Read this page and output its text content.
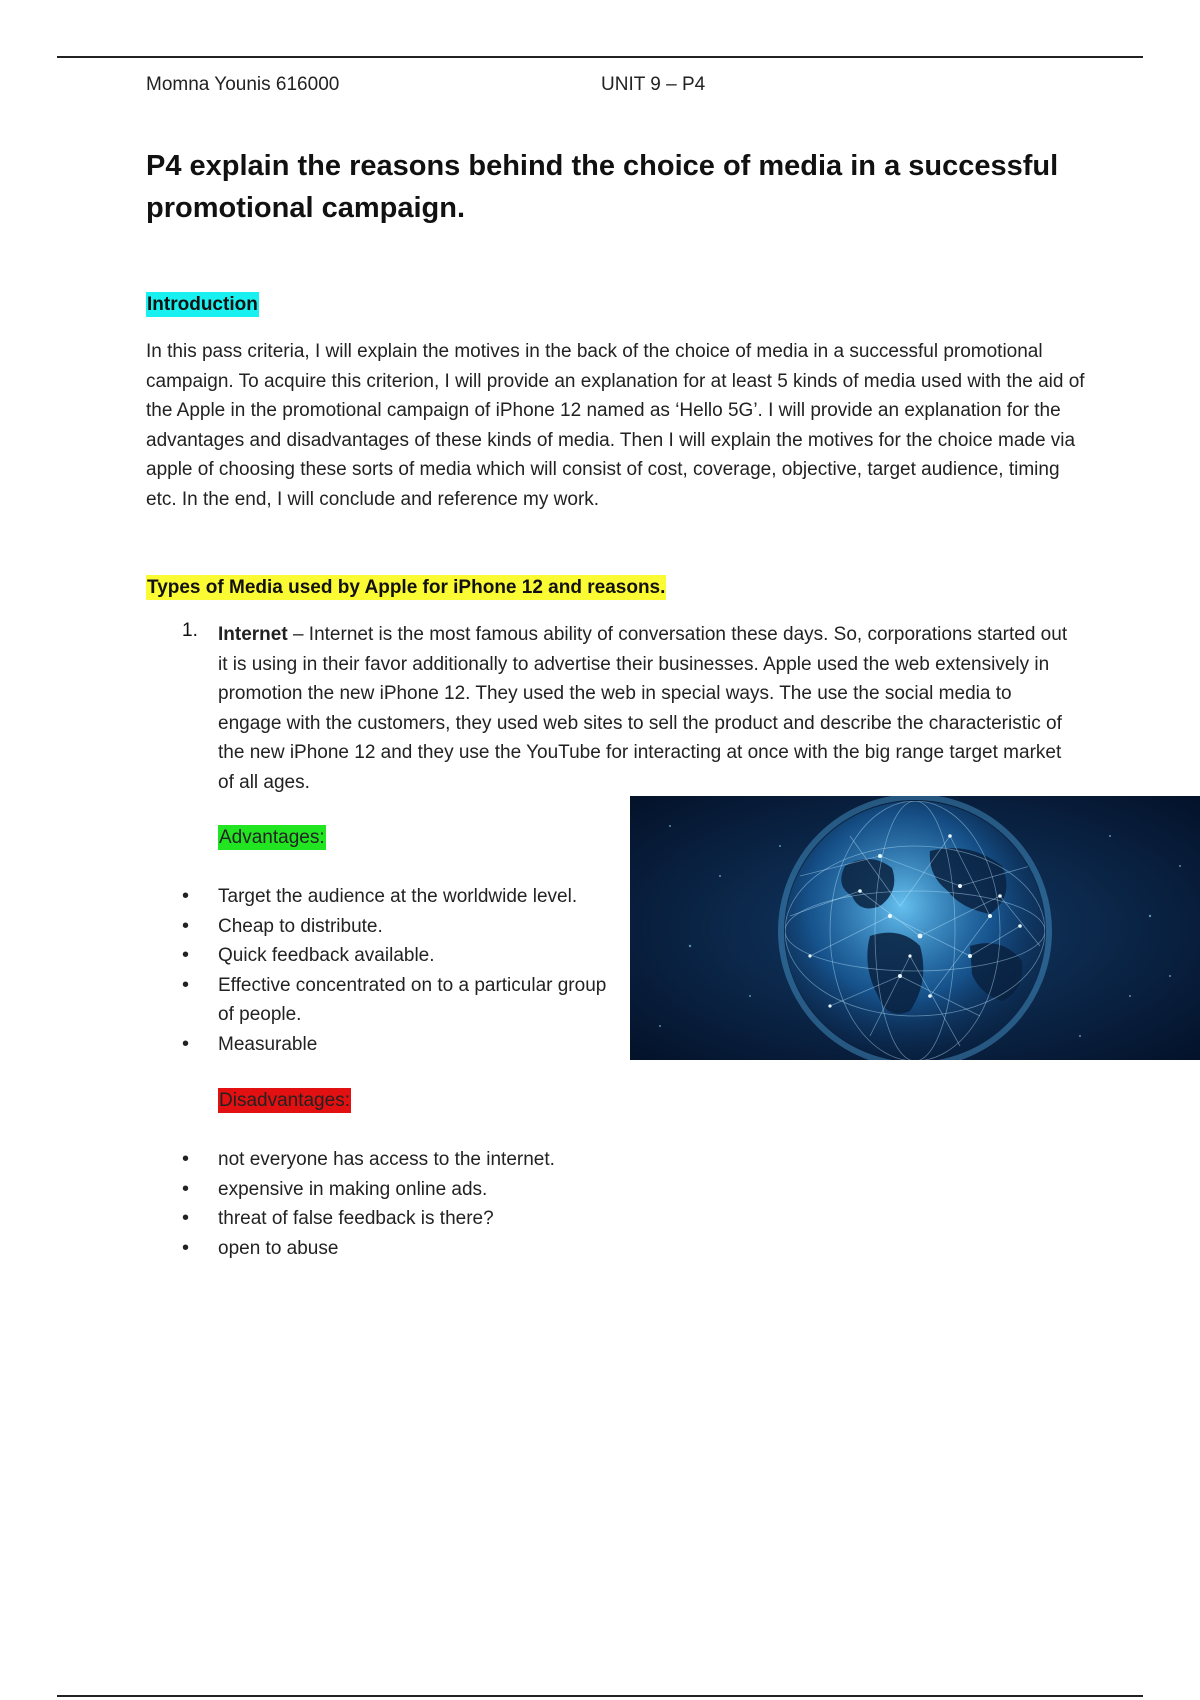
Momna Younis 616000	UNIT 9 – P4
P4 explain the reasons behind the choice of media in a successful promotional campaign.
Introduction
In this pass criteria, I will explain the motives in the back of the choice of media in a successful promotional campaign. To acquire this criterion, I will provide an explanation for at least 5 kinds of media used with the aid of the Apple in the promotional campaign of iPhone 12 named as ‘Hello 5G’. I will provide an explanation for the advantages and disadvantages of these kinds of media. Then I will explain the motives for the choice made via apple of choosing these sorts of media which will consist of cost, coverage, objective, target audience, timing etc. In the end, I will conclude and reference my work.
Types of Media used by Apple for iPhone 12 and reasons.
1. Internet – Internet is the most famous ability of conversation these days. So, corporations started out it is using in their favor additionally to advertise their businesses. Apple used the web extensively in promotion the new iPhone 12. They used the web in special ways. The use the social media to engage with the customers, they used web sites to sell the product and describe the characteristic of the new iPhone 12 and they use the YouTube for interacting at once with the big range target market of all ages.
Advantages:
• Target the audience at the worldwide level.
• Cheap to distribute.
• Quick feedback available.
• Effective concentrated on to a particular group of people.
• Measurable
Disadvantages:
• not everyone has access to the internet.
• expensive in making online ads.
• threat of false feedback is there?
• open to abuse
